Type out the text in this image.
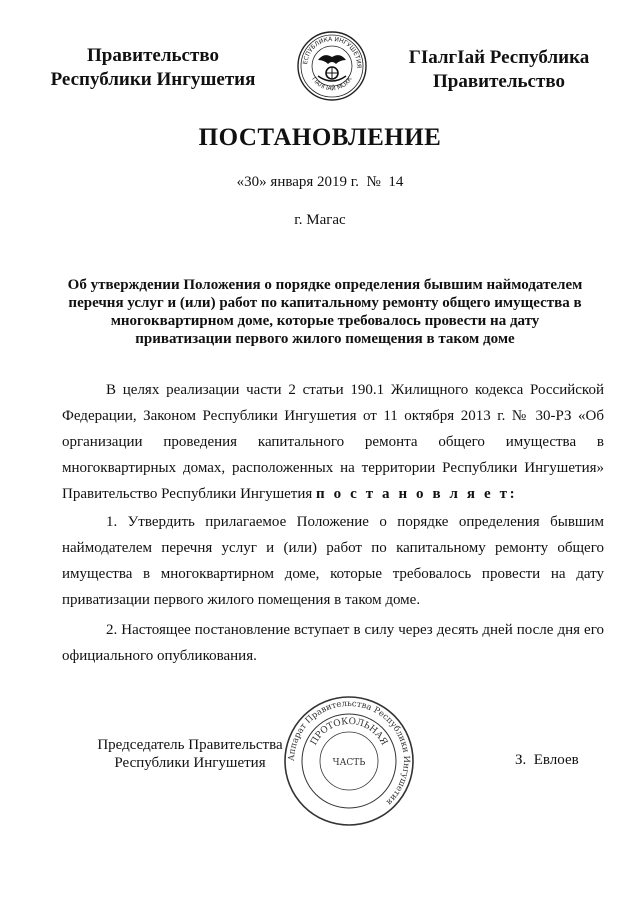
Правительство
Республики Ингушетия
ЕСПУБЛИКА ИНГУШЕТИЯ
ГIАЛГIАЙ МОХК
ГIалгIай Республика
Правительство
ПОСТАНОВЛЕНИЕ
«30» января 2019 г.  №  14
г. Магас
Об утверждении Положения о порядке определения бывшим наймодателем перечня услуг и (или) работ по капитальному ремонту общего имущества в многоквартирном доме, которые требовалось провести на дату приватизации первого жилого помещения в таком доме

В целях реализации части 2 статьи 190.1 Жилищного кодекса Российской Федерации, Законом Республики Ингушетия от 11 октября 2013 г. № 30-РЗ «Об организации проведения капитального ремонта общего имущества в многоквартирных домах, расположенных на территории Республики Ингушетия» Правительство Республики Ингушетия п о с т а н о в л я е т:

1. Утвердить прилагаемое Положение о порядке определения бывшим наймодателем перечня услуг и (или) работ по капитальному ремонту общего имущества в многоквартирном доме, которые требовалось провести на дату приватизации первого жилого помещения в таком доме.

2. Настоящее постановление вступает в силу через десять дней после дня его официального опубликования.

Председатель Правительства
Республики Ингушетия	Аппарат Правительства Республики Ингушетия
ПРОТОКОЛЬНАЯ
ЧАСТЬ	З.  Евлоев
